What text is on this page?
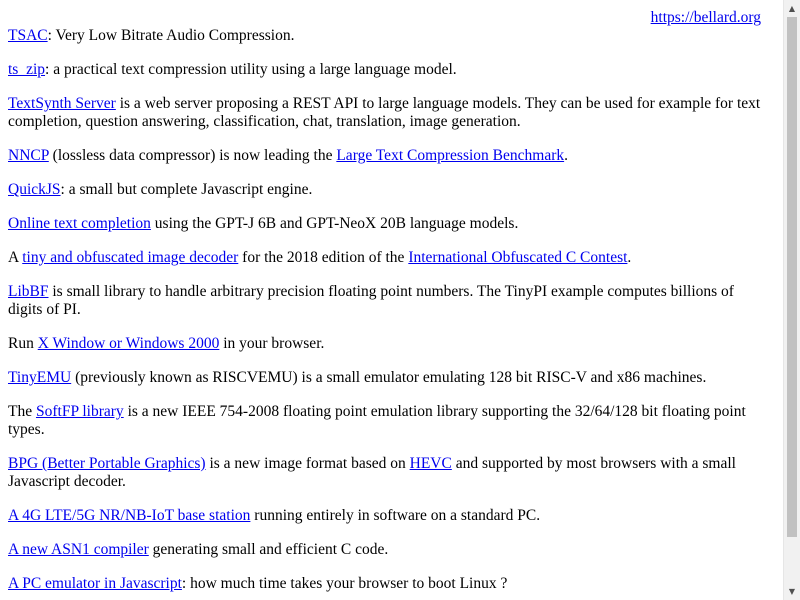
https://bellard.org

TSAC: Very Low Bitrate Audio Compression.

ts_zip: a practical text compression utility using a large language model.

TextSynth Server is a web server proposing a REST API to large language models. They can be used for example for text completion, question answering, classification, chat, translation, image generation.

NNCP (lossless data compressor) is now leading the Large Text Compression Benchmark.

QuickJS: a small but complete Javascript engine.

Online text completion using the GPT-J 6B and GPT-NeoX 20B language models.

A tiny and obfuscated image decoder for the 2018 edition of the International Obfuscated C Contest.

LibBF is small library to handle arbitrary precision floating point numbers. The TinyPI example computes billions of digits of PI.

Run X Window or Windows 2000 in your browser.

TinyEMU (previously known as RISCVEMU) is a small emulator emulating 128 bit RISC-V and x86 machines.

The SoftFP library is a new IEEE 754-2008 floating point emulation library supporting the 32/64/128 bit floating point types.

BPG (Better Portable Graphics) is a new image format based on HEVC and supported by most browsers with a small Javascript decoder.

A 4G LTE/5G NR/NB-IoT base station running entirely in software on a standard PC.

A new ASN1 compiler generating small and efficient C code.

A PC emulator in Javascript: how much time takes your browser to boot Linux ?

▲
▼
